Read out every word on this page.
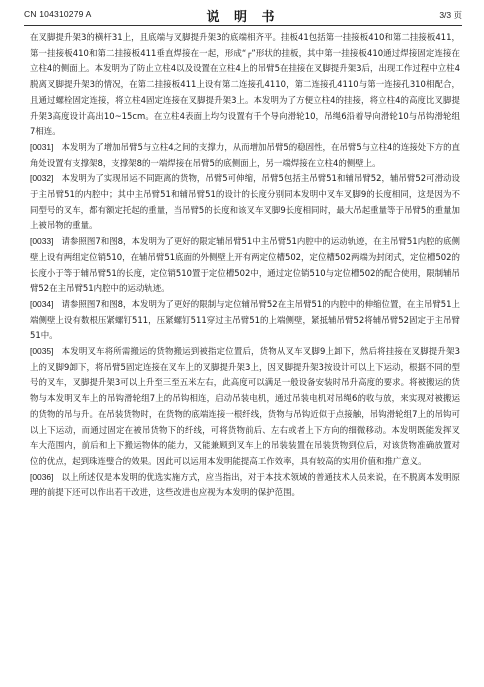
CN 104310279 A	说 明 书	3/3 页

在叉脚提升架3的横杆31上，且底端与叉脚提升架3的底端相齐平。挂板41包括第一挂接板410和第二挂接板411，第一挂接板410和第二挂接板411垂直焊接在一起，形成“┌”形状的挂板，其中第一挂接板410通过焊接固定连接在立柱4的侧面上。本发明为了防止立柱4以及设置在立柱4上的吊臂5在挂接在叉脚提升架3后，出现工作过程中立柱4脱离叉脚提升架3的情况，在第二挂接板411上设有第二连接孔4110，第二连接孔4110与第一连接孔310相配合，且通过螺栓固定连接，将立柱4固定连接在叉脚提升架3上。本发明为了方便立柱4的挂接，将立柱4的高度比叉脚提升架3高度设计高出10~15cm。在立柱4表面上均匀设置有千个导向滑轮10，吊绳6沿着导向滑轮10与吊钩滑轮组7相连。

[0031] 本发明为了增加吊臂5与立柱4之间的支撑力，从而增加吊臂5的稳固性，在吊臂5与立柱4的连接处下方的直角处设置有支撑架8，支撑架8的一端焊接在吊臂5的底侧面上，另一端焊接在立柱4的侧壁上。

[0032] 本发明为了实现吊运不同距离的货物，吊臂5可伸缩，吊臂5包括主吊臂51和辅吊臂52，辅吊臂52可滑动设于主吊臂51的内腔中；其中主吊臂51和辅吊臂51的设计的长度分别同本发明中叉车叉脚9的长度相同，这是因为不同型号的叉车，都有额定托起的重量，当吊臂5的长度和该叉车叉脚9长度相同时，最大吊起重量等于吊臂5的重量加上被吊物的重量。

[0033] 请参照图7和图8，本发明为了更好的限定辅吊臂51中主吊臂51内腔中的运动轨迹，在主吊臂51内腔的底侧壁上设有两组定位销510，在辅吊臂51底面的外侧壁上开有两定位槽502，定位槽502两端为封闭式，定位槽502的长度小于等于辅吊臂51的长度，定位销510置于定位槽502中，通过定位销510与定位槽502的配合使用，限制辅吊臂52在主吊臂51内腔中的运动轨迹。

[0034] 请参照图7和图8，本发明为了更好的限制与定位辅吊臂52在主吊臂51的内腔中的伸缩位置，在主吊臂51上端侧壁上设有数根压紧螺钉511，压紧螺钉511穿过主吊臂51的上端侧壁，紧抵辅吊臂52将辅吊臂52固定于主吊臂51中。

[0035] 本发明叉车将所需搬运的货物搬运到被指定位置后，货物从叉车叉脚9上卸下，然后将挂接在叉脚提升架3上的叉脚9卸下，将吊臂5固定连接在叉车上的叉脚提升架3上，因叉脚提升架3按设计可以上下运动，根据不同的型号的叉车，叉脚提升架3可以上升至三至五米左右，此高度可以满足一般设备安装时吊升高度的要求。将被搬运的货物与本发明叉车上的吊钩滑轮组7上的吊钩相连，启动吊装电机，通过吊装电机对吊绳6的收与放，来实现对被搬运的货物的吊与升。在吊装货物时，在货物的底端连接一根纤线，货物与吊钩近似于点接触，吊钩滑轮组7上的吊钩可以上下运动，而通过固定在被吊货物下的纤线，可将货物前后、左右或者上下方向的细微移动。本发明既能发挥叉车大范围内，前后和上下搬运物体的能力，又能兼顾到叉车上的吊装装置在吊装货物到位后，对该货物准确放置对位的优点，起到珠连璧合的效果。因此可以运用本发明能提高工作效率，具有较高的实用价值和推广意义。

[0036] 以上所述仅是本发明的优选实施方式，应当指出，对于本技术领域的普通技术人员来说，在不脱离本发明原理的前提下还可以作出若干改进，这些改进也应视为本发明的保护范围。
